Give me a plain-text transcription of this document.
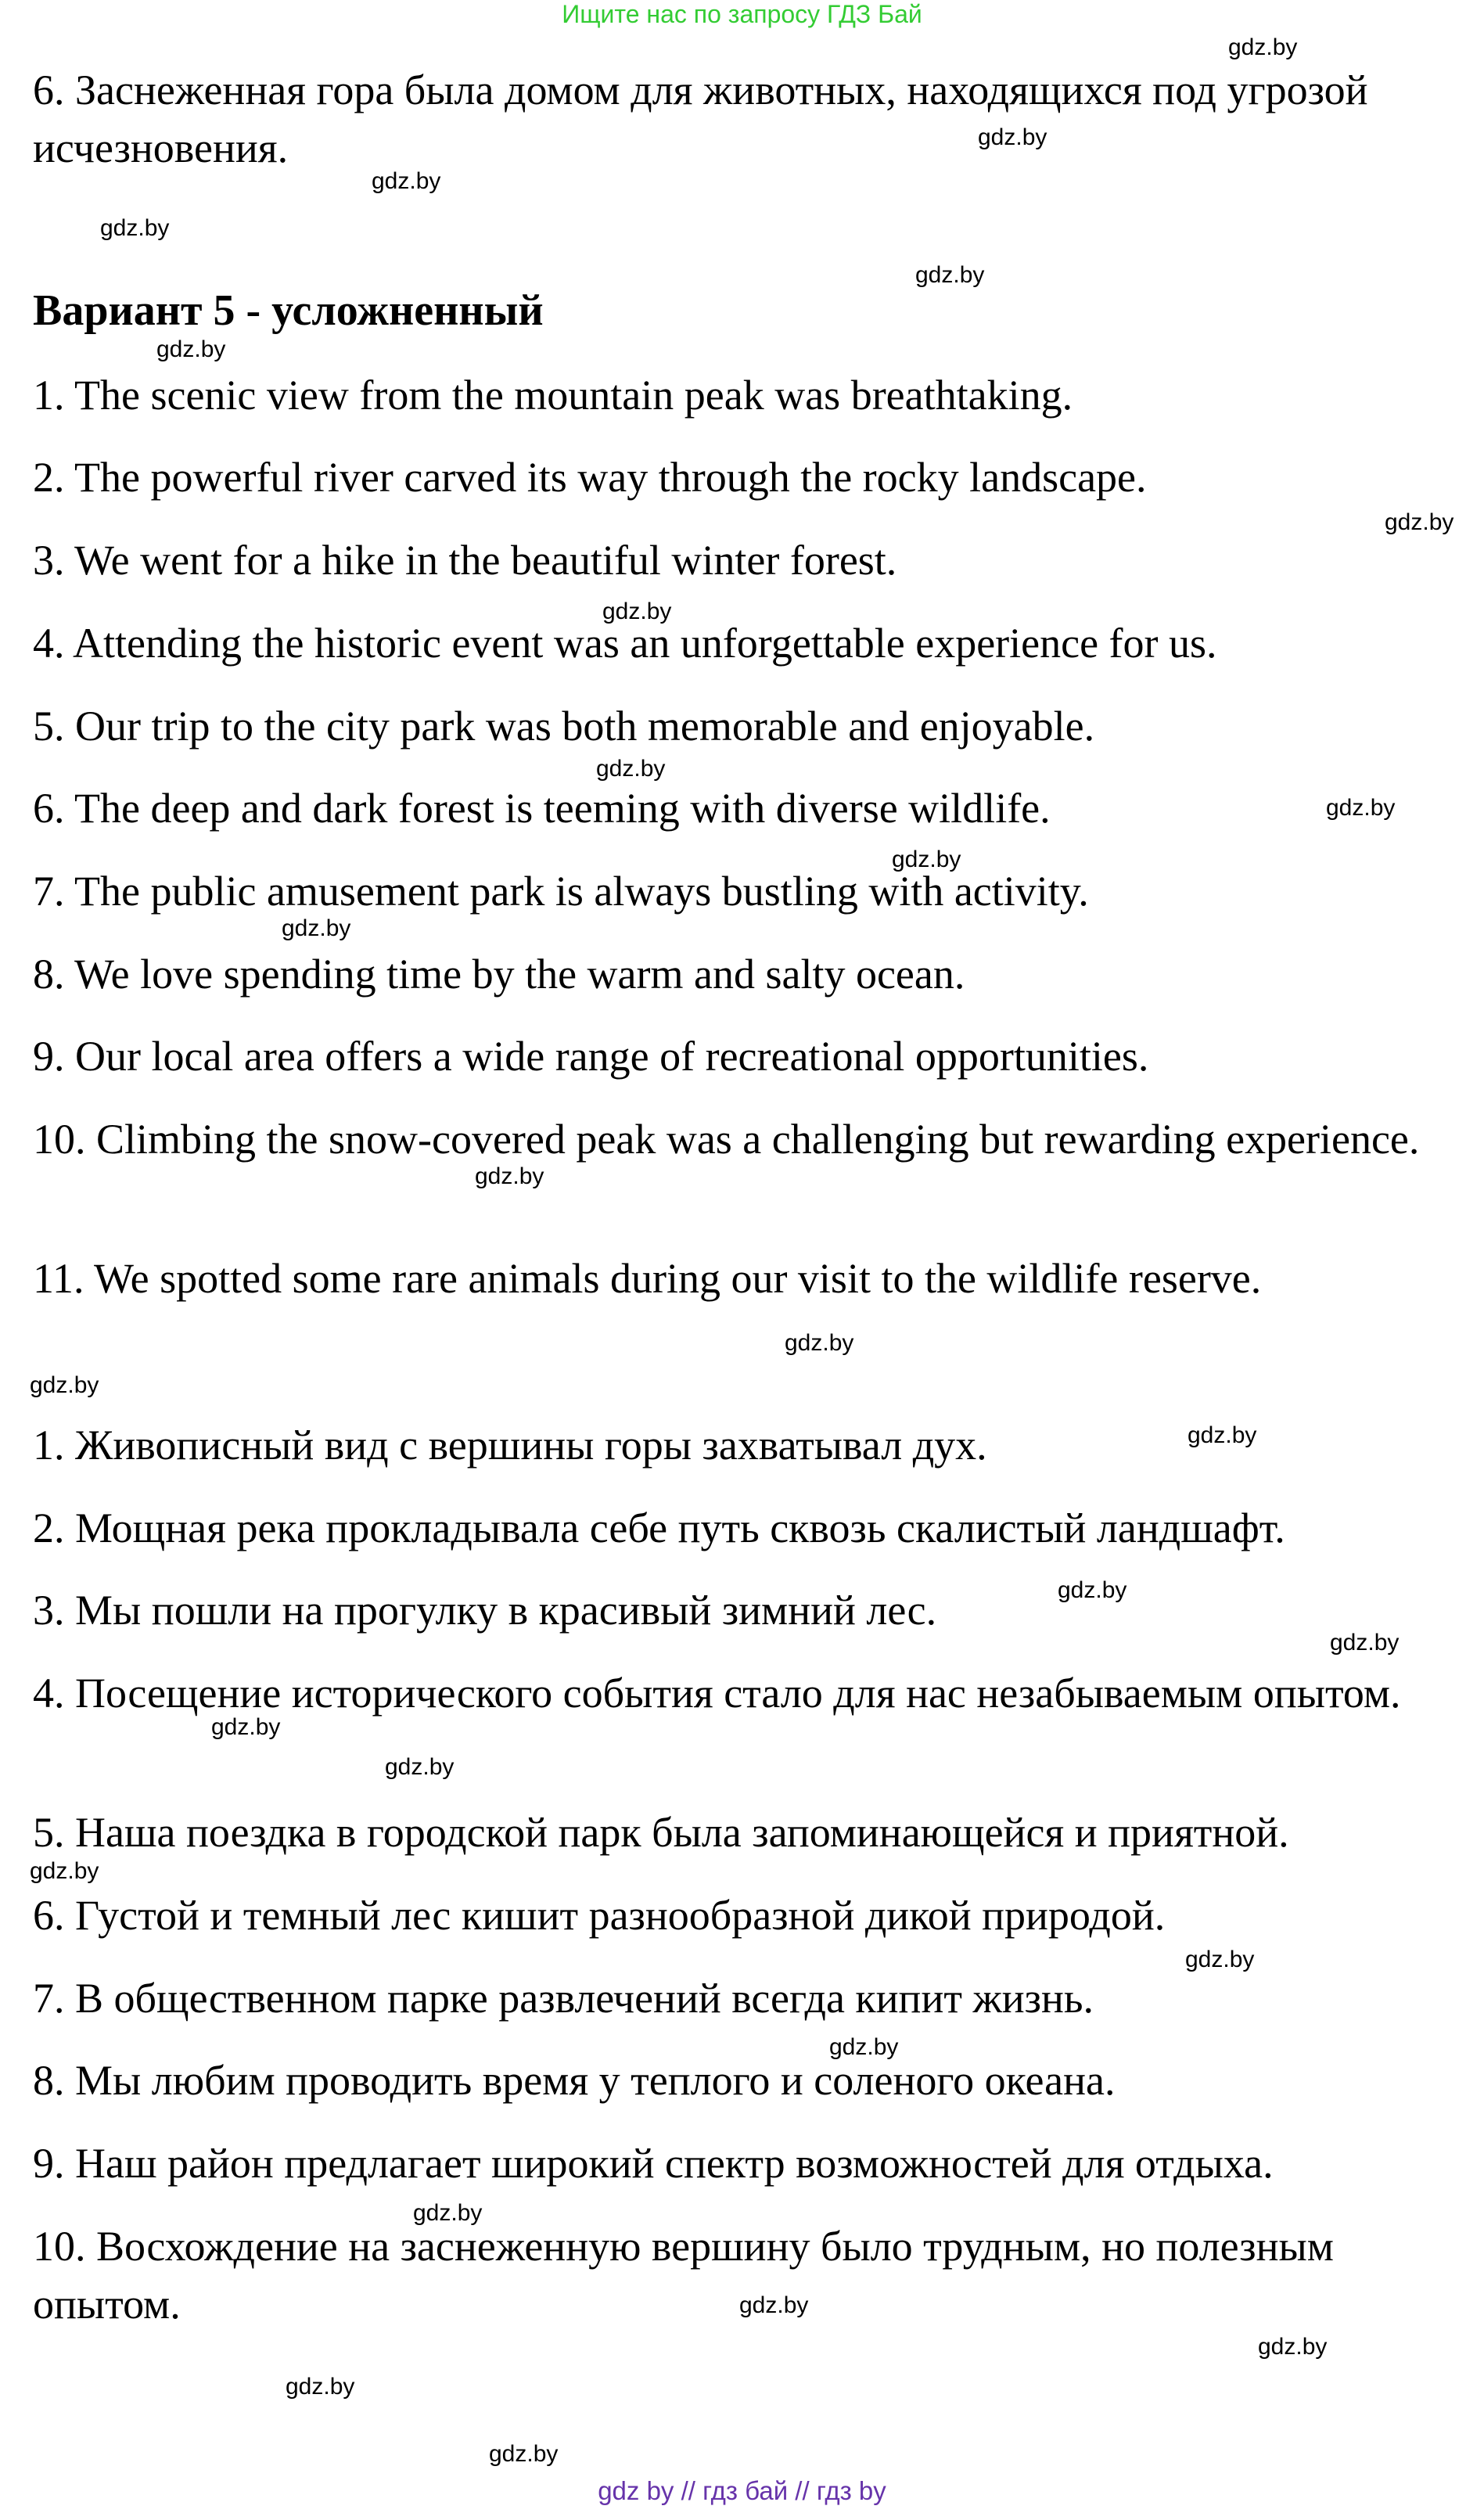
Ищите нас по запросу ГДЗ Бай
6. Заснеженная гора была домом для животных, находящихся под угрозой исчезновения.
Вариант 5 - усложненный
1. The scenic view from the mountain peak was breathtaking.
2. The powerful river carved its way through the rocky landscape.
3. We went for a hike in the beautiful winter forest.
4. Attending the historic event was an unforgettable experience for us.
5. Our trip to the city park was both memorable and enjoyable.
6. The deep and dark forest is teeming with diverse wildlife.
7. The public amusement park is always bustling with activity.
8. We love spending time by the warm and salty ocean.
9. Our local area offers a wide range of recreational opportunities.
10. Climbing the snow-covered peak was a challenging but rewarding experience.
11. We spotted some rare animals during our visit to the wildlife reserve.
1. Живописный вид с вершины горы захватывал дух.
2. Мощная река прокладывала себе путь сквозь скалистый ландшафт.
3. Мы пошли на прогулку в красивый зимний лес.
4. Посещение исторического события стало для нас незабываемым опытом.
5. Наша поездка в городской парк была запоминающейся и приятной.
6. Густой и темный лес кишит разнообразной дикой природой.
7. В общественном парке развлечений всегда кипит жизнь.
8. Мы любим проводить время у теплого и соленого океана.
9. Наш район предлагает широкий спектр возможностей для отдыха.
10. Восхождение на заснеженную вершину было трудным, но полезным опытом.
gdz.by
gdz.by
gdz.by
gdz.by
gdz.by
gdz.by
gdz.by
gdz.by
gdz.by
gdz.by
gdz.by
gdz.by
gdz.by
gdz.by
gdz.by
gdz.by
gdz.by
gdz.by
gdz.by
gdz.by
gdz.by
gdz.by
gdz.by
gdz.by
gdz.by
gdz.by
gdz.by
gdz.by
gdz by // гдз бай // гдз by
